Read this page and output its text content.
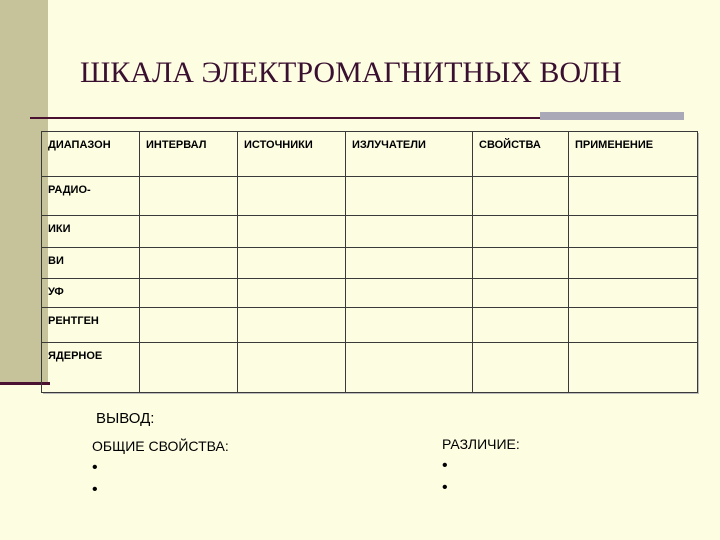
ШКАЛА ЭЛЕКТРОМАГНИТНЫХ ВОЛН
ДИАПАЗОН	ИНТЕРВАЛ	ИСТОЧНИКИ	ИЗЛУЧАТЕЛИ	СВОЙСТВА	ПРИМЕНЕНИЕ
РАДИО-					
ИКИ					
ВИ					
УФ					
РЕНТГЕН					
ЯДЕРНОЕ					
ВЫВОД:
ОБЩИЕ СВОЙСТВА:
•
•
РАЗЛИЧИЕ:
•
•
